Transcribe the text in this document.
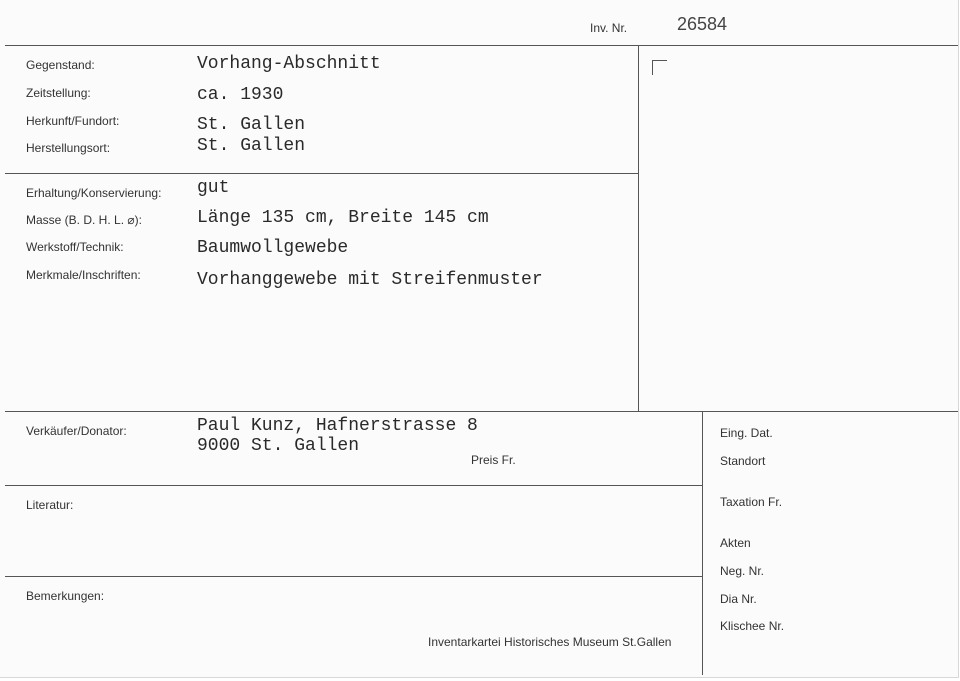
Inv. Nr.	26584
Gegenstand:	Vorhang-Abschnitt
Zeitstellung:	ca. 1930
Herkunft/Fundort:	St. Gallen
Herstellungsort:	St. Gallen
Erhaltung/Konservierung: gut
Masse (B. D. H. L. ⌀):	Länge 135 cm, Breite 145 cm
Werkstoff/Technik:	Baumwollgewebe
Merkmale/Inschriften:	Vorhanggewebe mit Streifenmuster
Verkäufer/Donator:	Paul Kunz, Hafnerstrasse 8
9000 St. Gallen
Preis Fr.
Literatur:
Bemerkungen:
Inventarkartei Historisches Museum St.Gallen
Eing. Dat.
Standort
Taxation Fr.
Akten
Neg. Nr.
Dia Nr.
Klischee Nr.
